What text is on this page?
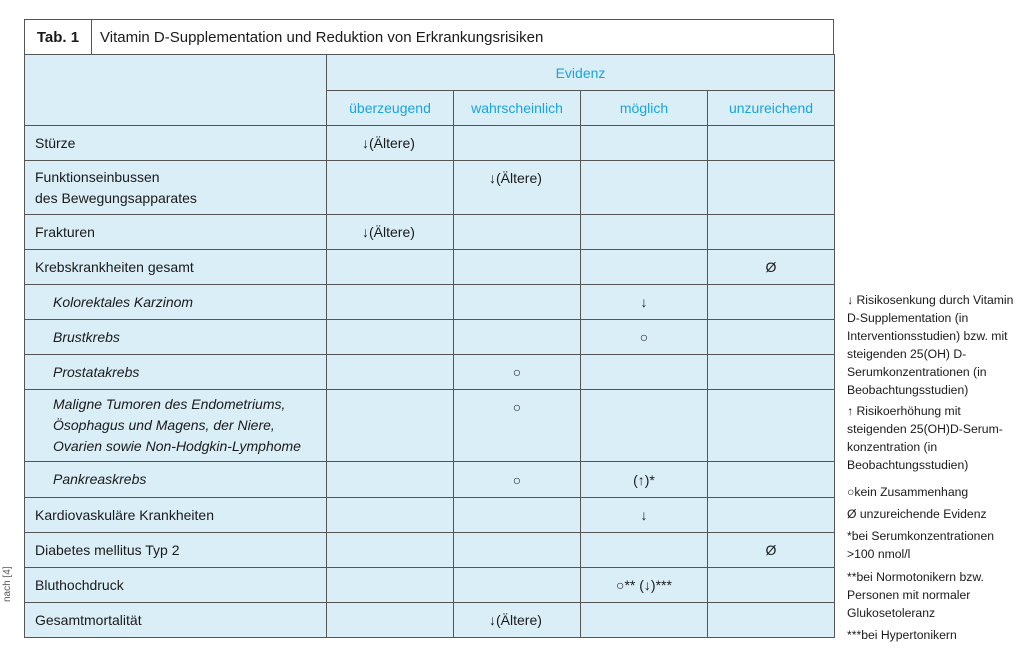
Tab. 1	Vitamin D-Supplementation und Reduktion von Erkrankungsrisiken
	Evidenz			
	überzeugend	wahrscheinlich	möglich	unzureichend
Stürze	↓(Ältere)			
Funktionseinbussen
des Bewegungsapparates		↓(Ältere)		
Frakturen	↓(Ältere)			
Krebskrankheiten gesamt				Ø
Kolorektales Karzinom			↓	
Brustkrebs			○	
Prostatakrebs		○		
Maligne Tumoren des Endometriums,
Ösophagus und Magens, der Niere,
Ovarien sowie Non-Hodgkin-Lymphome		○		
Pankreaskrebs		○	(↑)*	
Kardiovaskuläre Krankheiten			↓	
Diabetes mellitus Typ 2				Ø
Bluthochdruck			○** (↓)***	
Gesamtmortalität		↓(Ältere)		
↓ Risikosenkung durch Vitamin D-Supplementation (in Interventionsstudien) bzw. mit steigenden 25(OH) D-Serumkonzentrationen (in Beobachtungsstudien)
↑ Risikoerhöhung mit steigenden 25(OH)D-Serum-konzentration (in Beobachtungsstudien)
○kein Zusammenhang
Ø unzureichende Evidenz
*bei Serumkonzentrationen >100 nmol/l
**bei Normotonikern bzw. Personen mit normaler Glukosetoleranz
***bei Hypertonikern
nach [4]
